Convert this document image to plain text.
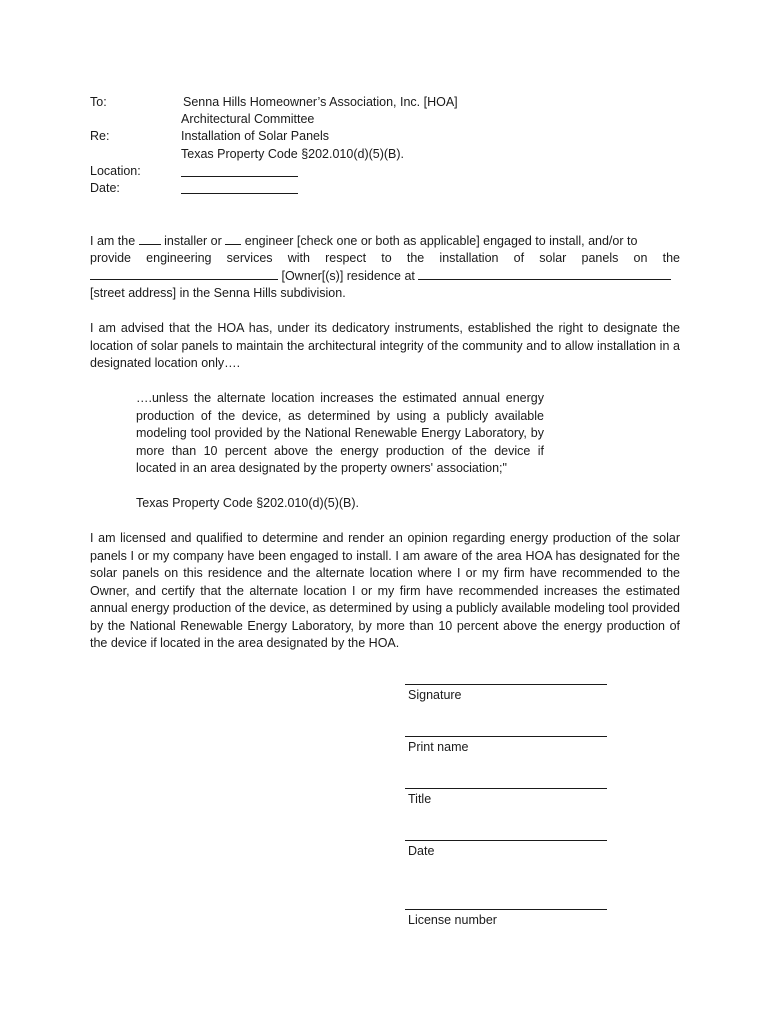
To:	Senna Hills Homeowner’s Association, Inc. [HOA]
Architectural Committee
Re:	Installation of Solar Panels
Texas Property Code §202.010(d)(5)(B).
Location:
Date:
I am the installer or engineer [check one or both as applicable] engaged to install, and/or to
provide engineering services with respect to the installation of solar panels on the
[Owner[(s)] residence at
[street address] in the Senna Hills subdivision.
I am advised that the HOA has, under its dedicatory instruments, established the right to designate the location of solar panels to maintain the architectural integrity of the community and to allow installation in a designated location only….
….unless the alternate location increases the estimated annual energy production of the device, as determined by using a publicly available modeling tool provided by the National Renewable Energy Laboratory, by more than 10 percent above the energy production of the device if located in an area designated by the property owners' association;"
Texas Property Code §202.010(d)(5)(B).
I am licensed and qualified to determine and render an opinion regarding energy production of the solar panels I or my company have been engaged to install. I am aware of the area HOA has designated for the solar panels on this residence and the alternate location where I or my firm have recommended to the Owner, and certify that the alternate location I or my firm have recommended increases the estimated annual energy production of the device, as determined by using a publicly available modeling tool provided by the National Renewable Energy Laboratory, by more than 10 percent above the energy production of the device if located in the area designated by the HOA.
Signature
Print name
Title
Date
License number
